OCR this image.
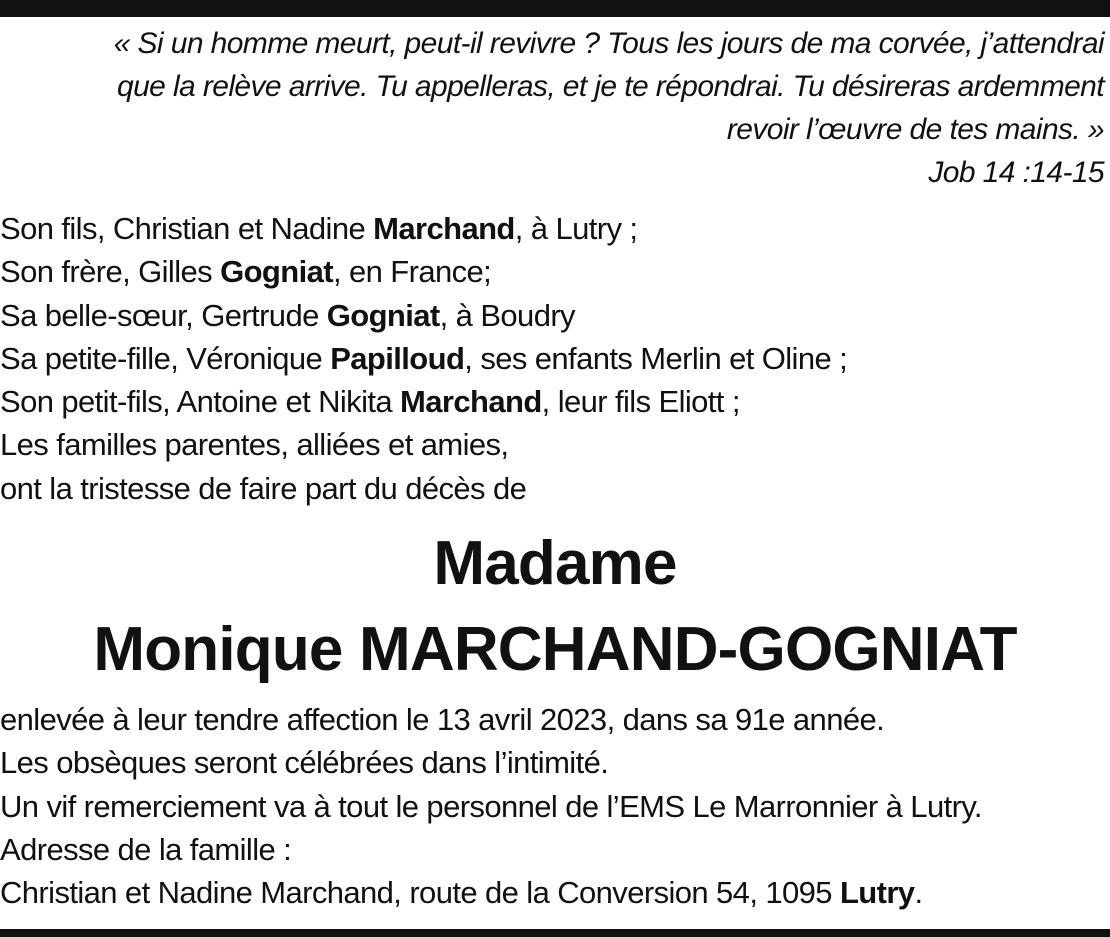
« Si un homme meurt, peut-il revivre ? Tous les jours de ma corvée, j’attendrai
que la relève arrive. Tu appelleras, et je te répondrai. Tu désireras ardemment
revoir l’œuvre de tes mains. »
Job 14 :14-15
Son fils, Christian et Nadine Marchand, à Lutry ;
Son frère, Gilles Gogniat, en France;
Sa belle-sœur, Gertrude Gogniat, à Boudry
Sa petite-fille, Véronique Papilloud, ses enfants Merlin et Oline ;
Son petit-fils, Antoine et Nikita Marchand, leur fils Eliott ;
Les familles parentes, alliées et amies,
ont la tristesse de faire part du décès de
Madame
Monique MARCHAND-GOGNIAT
enlevée à leur tendre affection le 13 avril 2023, dans sa 91e année.
Les obsèques seront célébrées dans l’intimité.
Un vif remerciement va à tout le personnel de l’EMS Le Marronnier à Lutry.
Adresse de la famille :
Christian et Nadine Marchand, route de la Conversion 54, 1095 Lutry.
